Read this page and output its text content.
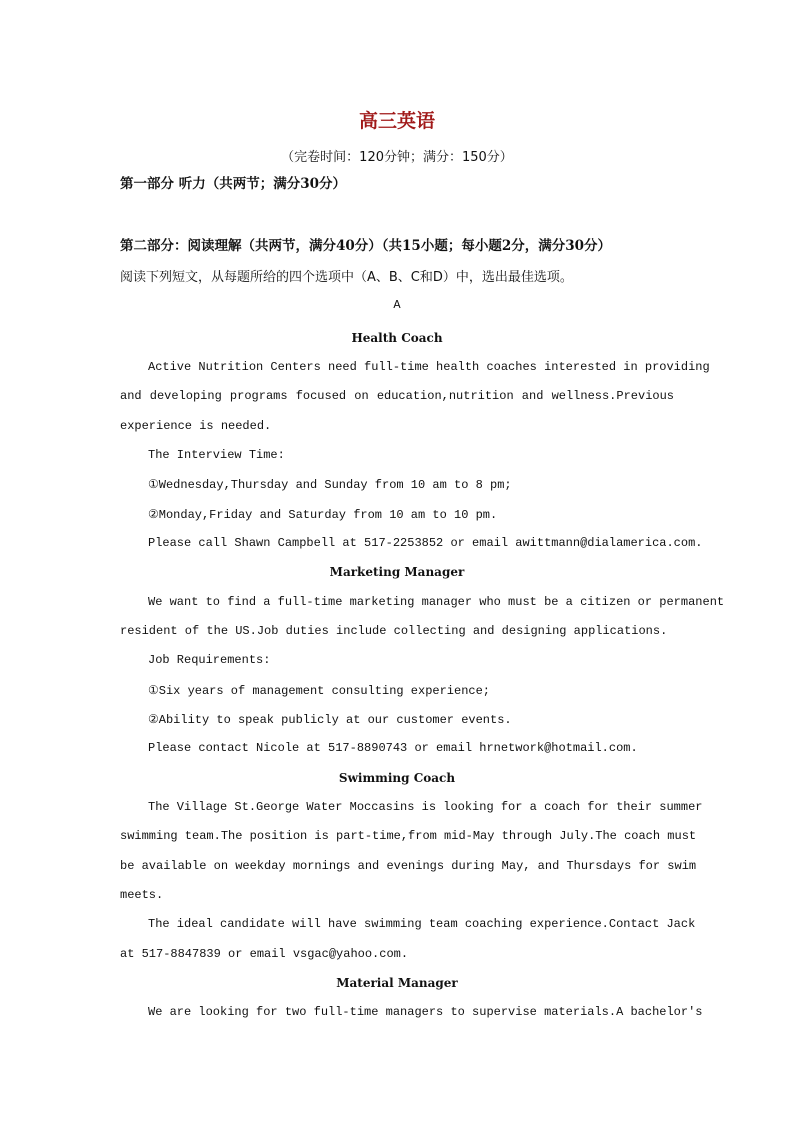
高三英语
（完卷时间：120分钟；满分：150分）
第一部分 听力（共两节；满分30分）
第二部分：阅读理解（共两节，满分40分）（共15小题；每小题2分，满分30分）
阅读下列短文，从每题所给的四个选项中（A、B、C和D）中，选出最佳选项。
A
Health Coach
Active Nutrition Centers need full-time health coaches interested in providing
and developing programs focused on education,nutrition and wellness.Previous
experience is needed.
The Interview Time:
①Wednesday,Thursday and Sunday from 10 am to 8 pm;
②Monday,Friday and Saturday from 10 am to 10 pm.
Please call Shawn Campbell at 517-2253852 or email awittmann@dialamerica.com.
Marketing Manager
We want to find a full-time marketing manager who must be a citizen or permanent
resident of the US.Job duties include collecting and designing applications.
Job Requirements:
①Six years of management consulting experience;
②Ability to speak publicly at our customer events.
Please contact Nicole at 517-8890743 or email hrnetwork@hotmail.com.
Swimming Coach
The Village St.George Water Moccasins is looking for a coach for their summer
swimming team.The position is part-time,from mid-May through July.The coach must
be available on weekday mornings and evenings during May, and Thursdays for swim
meets.
The ideal candidate will have swimming team coaching experience.Contact Jack
at 517-8847839 or email vsgac@yahoo.com.
Material Manager
We are looking for two full-time managers to supervise materials.A bachelor's
